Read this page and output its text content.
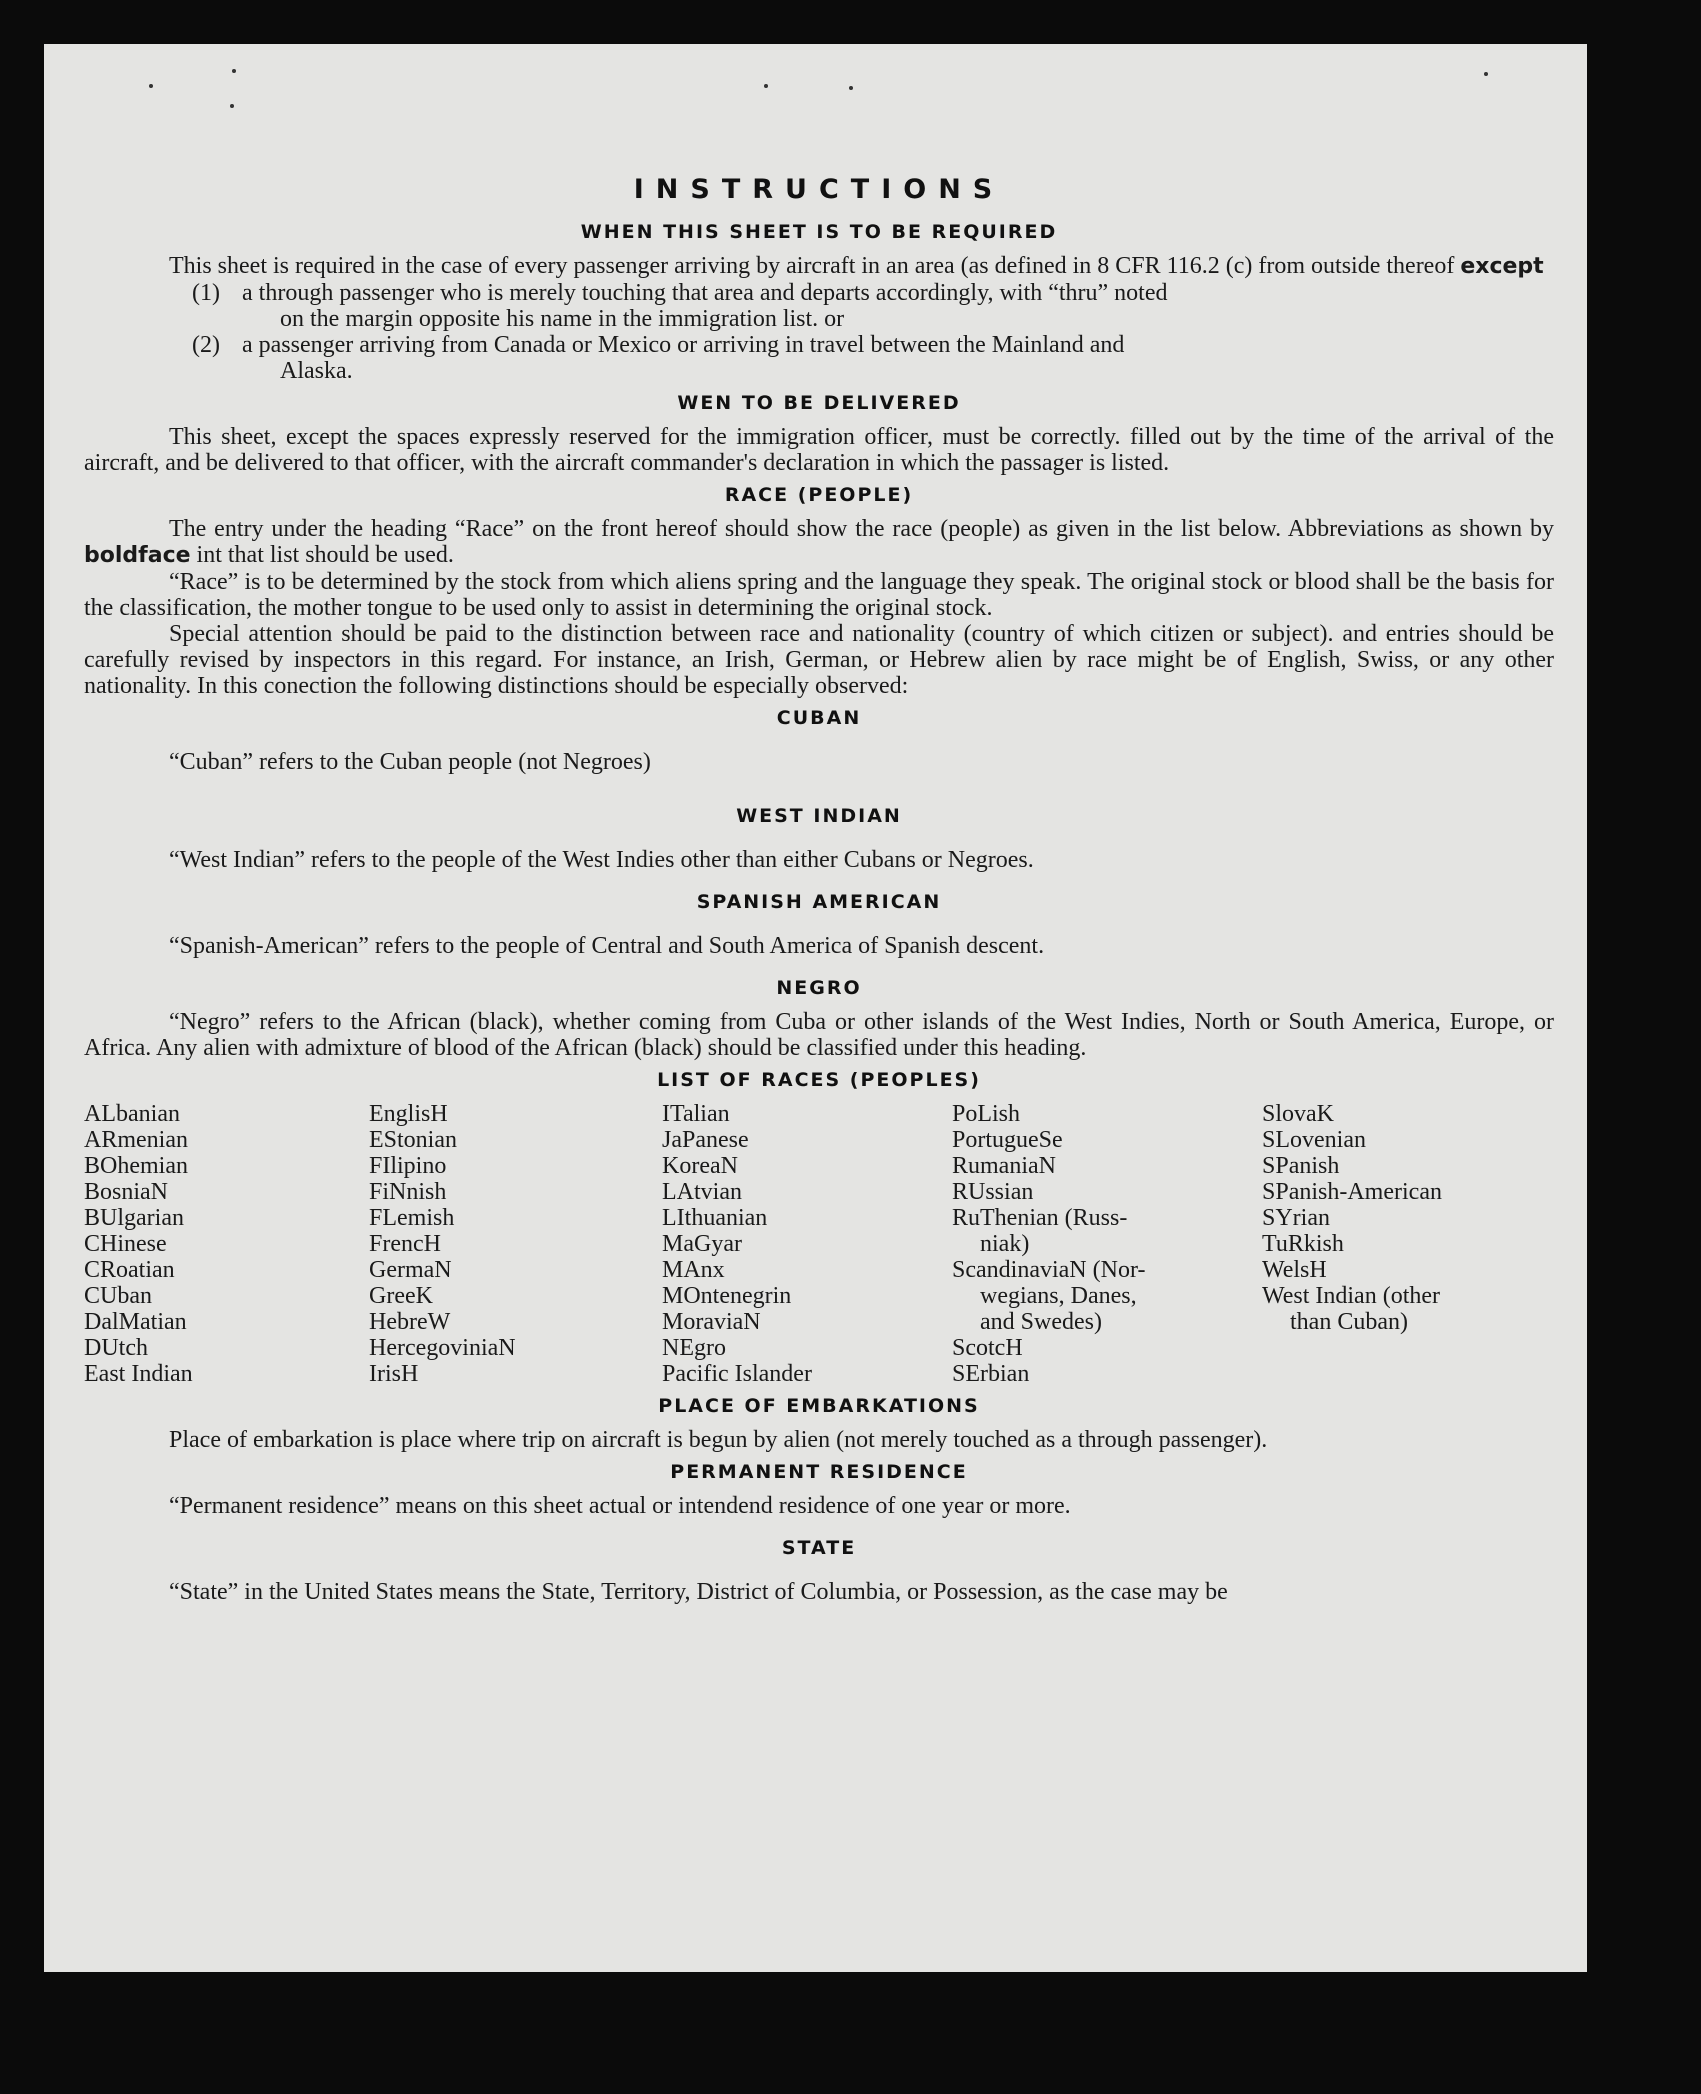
INSTRUCTIONS
WHEN THIS SHEET IS TO BE REQUIRED

This sheet is required in the case of every passenger arriving by aircraft in an area (as defined in 8 CFR 116.2 (c) from outside thereof except

(1) a through passenger who is merely touching that area and departs accordingly, with “thru” noted
on the margin opposite his name in the immigration list. or
(2) a passenger arriving from Canada or Mexico or arriving in travel between the Mainland and
Alaska.
WEN TO BE DELIVERED

This sheet, except the spaces expressly reserved for the immigration officer, must be correctly. filled out by the time of the arrival of the aircraft, and be delivered to that officer, with the aircraft commander's declaration in which the passager is listed.

RACE (PEOPLE)

The entry under the heading “Race” on the front hereof should show the race (people) as given in the list below. Abbreviations as shown by boldface int that list should be used.

“Race” is to be determined by the stock from which aliens spring and the language they speak. The original stock or blood shall be the basis for the classification, the mother tongue to be used only to assist in determining the original stock.

Special attention should be paid to the distinction between race and nationality (country of which citizen or subject). and entries should be carefully revised by inspectors in this regard. For instance, an Irish, German, or Hebrew alien by race might be of English, Swiss, or any other nationality. In this conection the following distinctions should be especially observed:

CUBAN

“Cuban” refers to the Cuban people (not Negroes)

WEST INDIAN

“West Indian” refers to the people of the West Indies other than either Cubans or Negroes.

SPANISH AMERICAN

“Spanish-American” refers to the people of Central and South America of Spanish descent.

NEGRO

“Negro” refers to the African (black), whether coming from Cuba or other islands of the West Indies, North or South America, Europe, or Africa. Any alien with admixture of blood of the African (black) should be classified under this heading.

LIST OF RACES (PEOPLES)
ALbanian
ARmenian
BOhemian
BosniaN
BUlgarian
CHinese
CRoatian
CUban
DalMatian
DUtch
East Indian
EnglisH
EStonian
FIlipino
FiNnish
FLemish
FrencH
GermaN
GreeK
HebreW
HercegoviniaN
IrisH
ITalian
JaPanese
KoreaN
LAtvian
LIthuanian
MaGyar
MAnx
MOntenegrin
MoraviaN
NEgro
Pacific Islander
PoLish
PortugueSe
RumaniaN
RUssian
RuThenian (Russ-
niak)
ScandinaviaN (Nor-
wegians, Danes,
and Swedes)
ScotcH
SErbian
SlovaK
SLovenian
SPanish
SPanish-American
SYrian
TuRkish
WelsH
West Indian (other
than Cuban)
PLACE OF EMBARKATIONS

Place of embarkation is place where trip on aircraft is begun by alien (not merely touched as a through passenger).

PERMANENT RESIDENCE

“Permanent residence” means on this sheet actual or intendend residence of one year or more.

STATE

“State” in the United States means the State, Territory, District of Columbia, or Possession, as the case may be
